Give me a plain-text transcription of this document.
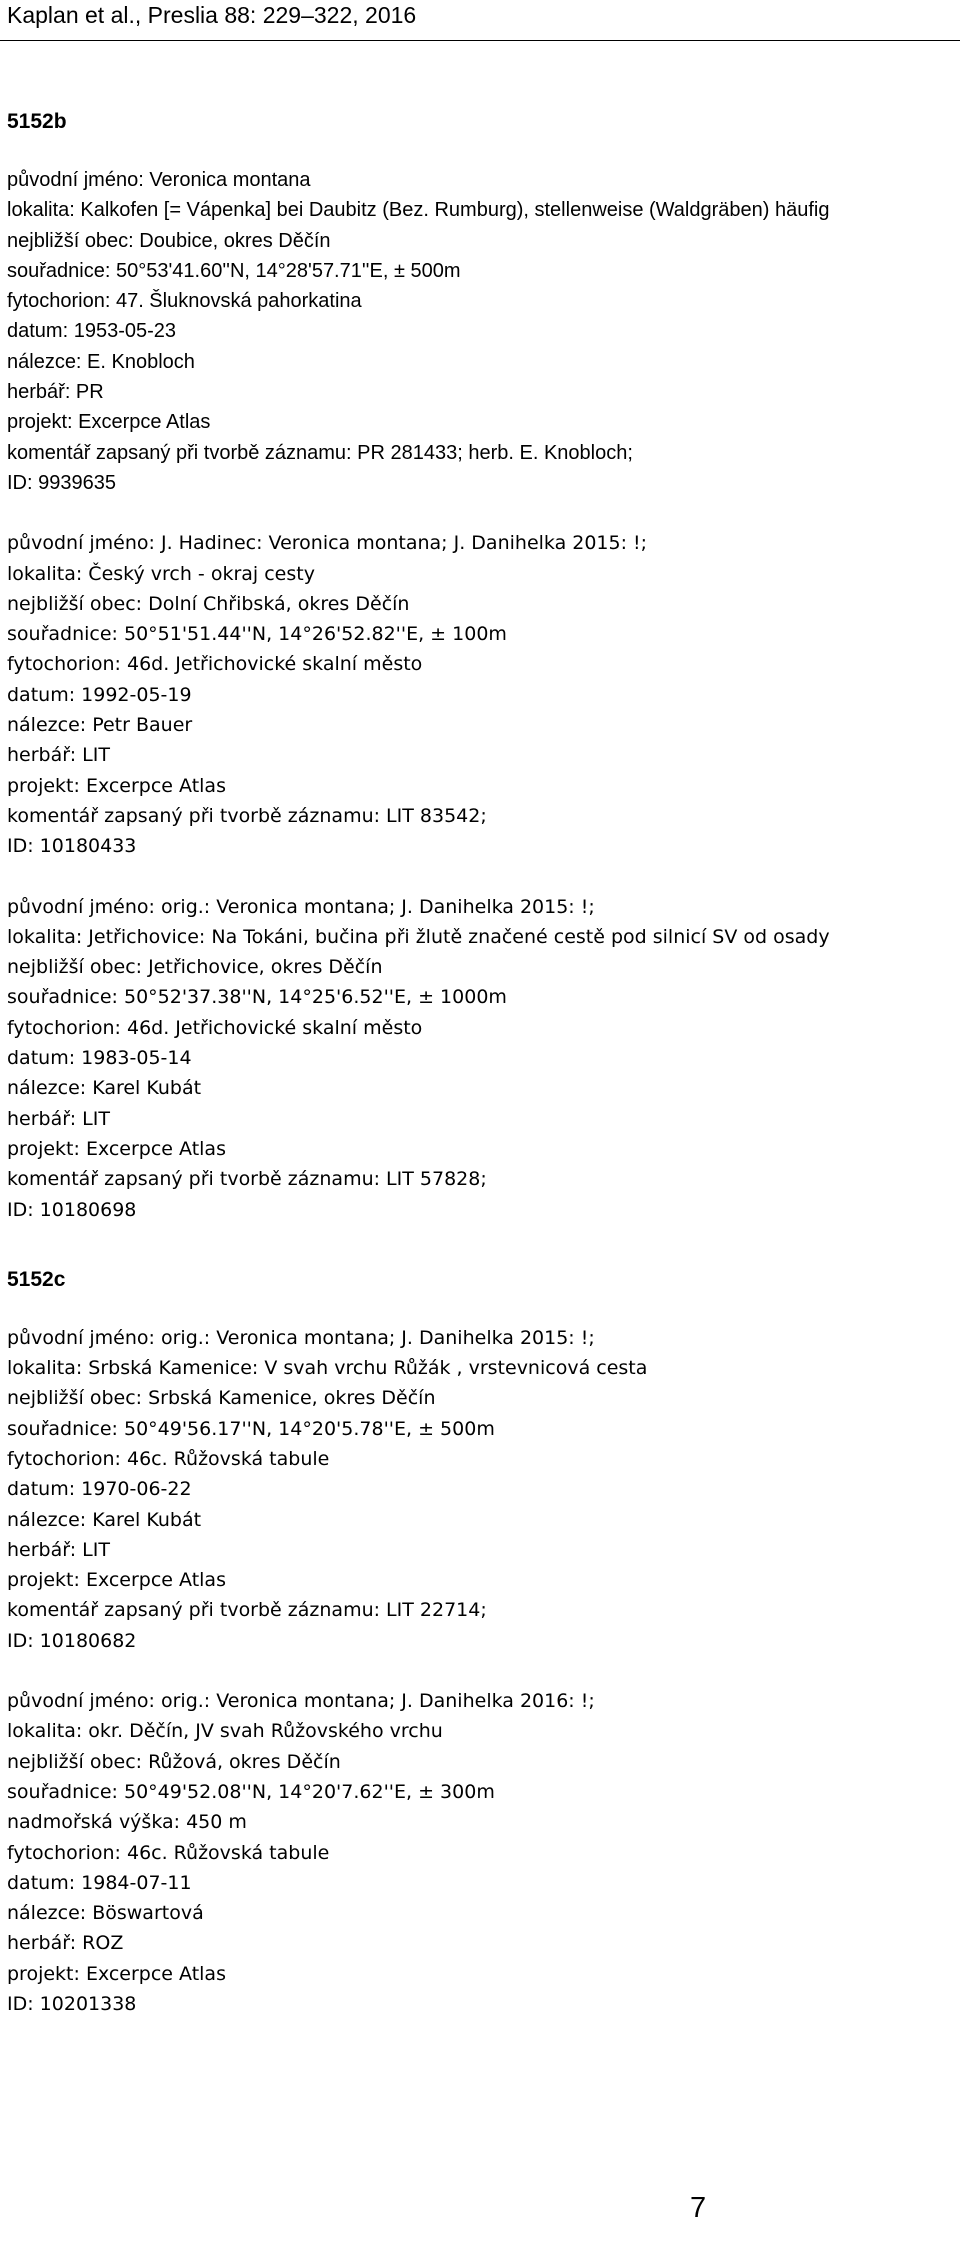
Kaplan et al., Preslia 88: 229–322, 2016
5152b
původní jméno: Veronica montana
lokalita: Kalkofen [= Vápenka] bei Daubitz (Bez. Rumburg), stellenweise (Waldgräben) häufig
nejbližší obec: Doubice, okres Děčín
souřadnice: 50°53'41.60''N, 14°28'57.71''E, ± 500m
fytochorion: 47. Šluknovská pahorkatina
datum: 1953-05-23
nálezce: E. Knobloch
herbář: PR
projekt: Excerpce Atlas
komentář zapsaný při tvorbě záznamu: PR 281433; herb. E. Knobloch;
ID: 9939635
původní jméno: J. Hadinec: Veronica montana; J. Danihelka 2015: !;
lokalita: Český vrch - okraj cesty
nejbližší obec: Dolní Chřibská, okres Děčín
souřadnice: 50°51'51.44''N, 14°26'52.82''E, ± 100m
fytochorion: 46d. Jetřichovické skalní město
datum: 1992-05-19
nálezce: Petr Bauer
herbář: LIT
projekt: Excerpce Atlas
komentář zapsaný při tvorbě záznamu: LIT 83542;
ID: 10180433
původní jméno: orig.: Veronica montana; J. Danihelka 2015: !;
lokalita: Jetřichovice: Na Tokáni, bučina při žlutě značené cestě pod silnicí SV od osady
nejbližší obec: Jetřichovice, okres Děčín
souřadnice: 50°52'37.38''N, 14°25'6.52''E, ± 1000m
fytochorion: 46d. Jetřichovické skalní město
datum: 1983-05-14
nálezce: Karel Kubát
herbář: LIT
projekt: Excerpce Atlas
komentář zapsaný při tvorbě záznamu: LIT 57828;
ID: 10180698
5152c
původní jméno: orig.: Veronica montana; J. Danihelka 2015: !;
lokalita: Srbská Kamenice: V svah vrchu Růžák , vrstevnicová cesta
nejbližší obec: Srbská Kamenice, okres Děčín
souřadnice: 50°49'56.17''N, 14°20'5.78''E, ± 500m
fytochorion: 46c. Růžovská tabule
datum: 1970-06-22
nálezce: Karel Kubát
herbář: LIT
projekt: Excerpce Atlas
komentář zapsaný při tvorbě záznamu: LIT 22714;
ID: 10180682
původní jméno: orig.: Veronica montana; J. Danihelka 2016: !;
lokalita: okr. Děčín, JV svah Růžovského vrchu
nejbližší obec: Růžová, okres Děčín
souřadnice: 50°49'52.08''N, 14°20'7.62''E, ± 300m
nadmořská výška: 450 m
fytochorion: 46c. Růžovská tabule
datum: 1984-07-11
nálezce: Böswartová
herbář: ROZ
projekt: Excerpce Atlas
ID: 10201338
7
